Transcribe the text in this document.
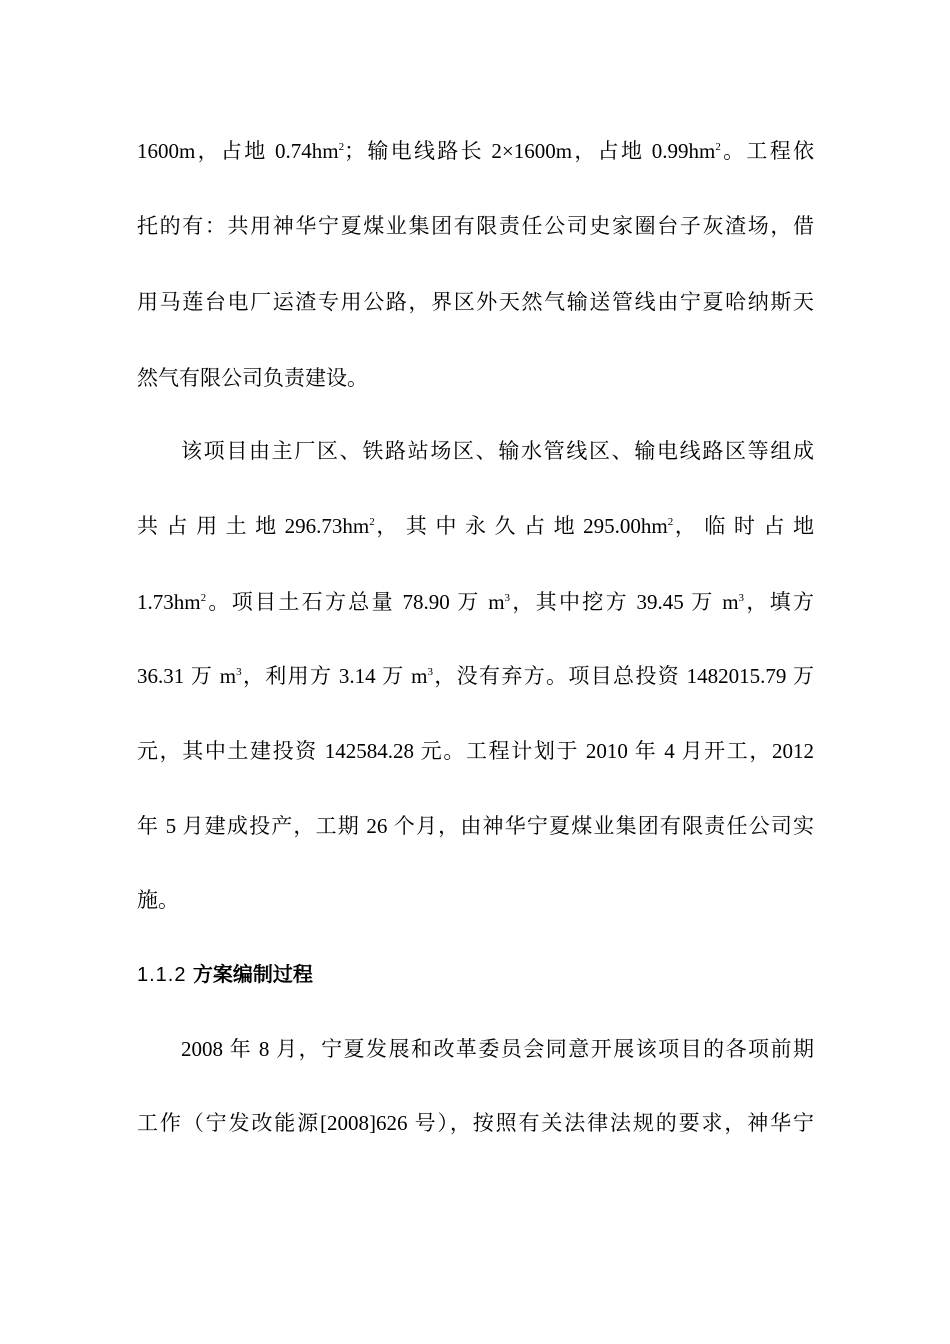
1600m，占地 $0.74hm^2$；输电线路长 2×1600m，占地 $0.99hm^2$。工程依
托的有：共用神华宁夏煤业集团有限责任公司史家圈台子灰渣场，借
用马莲台电厂运渣专用公路，界区外天然气输送管线由宁夏哈纳斯天
然气有限公司负责建设。
该项目由主厂区、铁路站场区、输水管线区、输电线路区等组成
共 占 用 土 地 $296.73hm^2$， 其 中 永 久 占 地 $295.00hm^2$， 临 时 占 地
$1.73hm^2$。项目土石方总量 78.90 万 $m^3$，其中挖方 39.45 万 $m^3$，填方
36.31 万 $m^3$，利用方 3.14 万 $m^3$，没有弃方。项目总投资 1482015.79 万
元，其中土建投资 142584.28 元。工程计划于 2010 年 4 月开工，2012
年 5 月建成投产，工期 26 个月，由神华宁夏煤业集团有限责任公司实
施。
1.1.2 方案编制过程
2008 年 8 月，宁夏发展和改革委员会同意开展该项目的各项前期
工作（宁发改能源[2008]626 号），按照有关法律法规的要求，神华宁
